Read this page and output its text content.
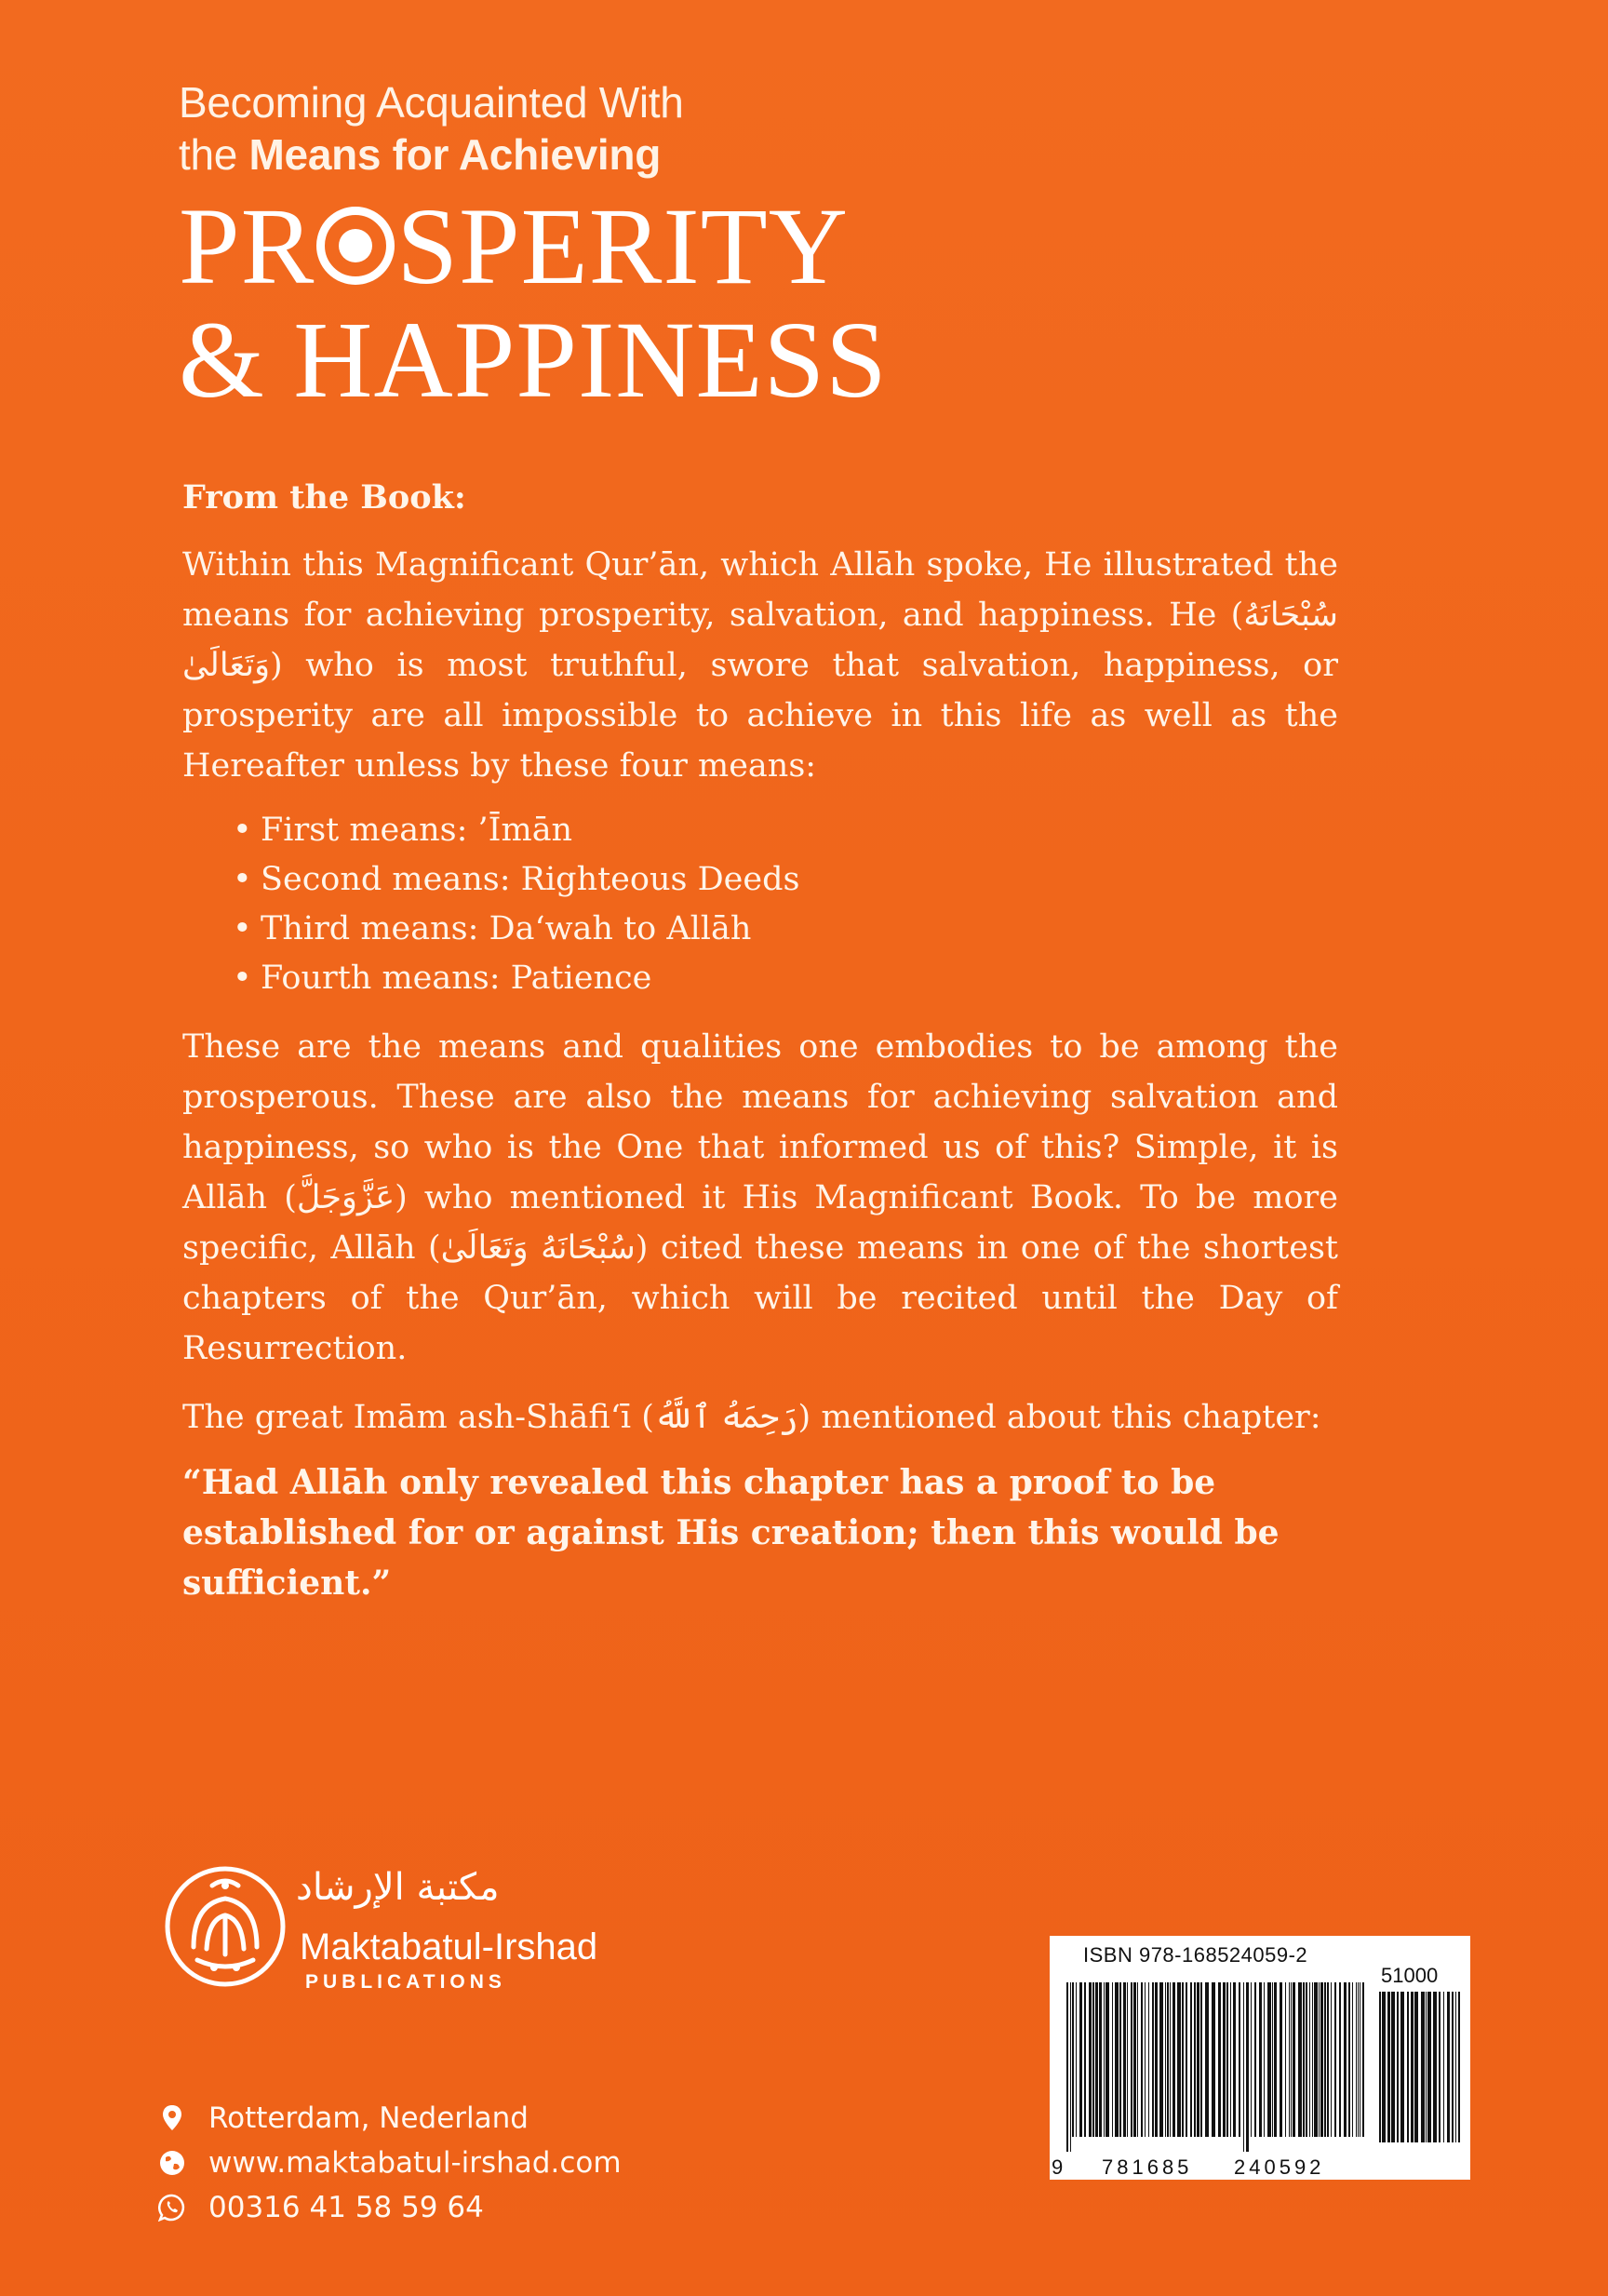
Becoming Acquainted With
the Means for Achieving
PR SPERITY
& HAPPINESS
From the Book:

Within this Magnificant Qur’ān, which Allāh spoke, He illustrated the means for achieving prosperity, salvation, and happiness. He (سُبْحَانَهُ وَتَعَالَىٰ) who is most truthful, swore that salvation, happiness, or prosperity are all impossible to achieve in this life as well as the Hereafter unless by these four means:

• First means: ’Īmān
• Second means: Righteous Deeds
• Third means: Da‘wah to Allāh
• Fourth means: Patience

These are the means and qualities one embodies to be among the prosperous. These are also the means for achieving salvation and happiness, so who is the One that informed us of this? Simple, it is Allāh (عَزَّوَجَلَّ) who mentioned it His Magnificant Book. To be more specific, Allāh (سُبْحَانَهُ وَتَعَالَىٰ) cited these means in one of the shortest chapters of the Qur’ān, which will be recited until the Day of Resurrection.

The great Imām ash-Shāfi‘ī (رَحِمَهُ ٱللَّهُ) mentioned about this chapter:

“Had Allāh only revealed this chapter has a proof to be established for or against His creation; then this would be sufficient.”

مكتبة الإرشاد
Maktabatul-Irshad
PUBLICATIONS
Rotterdam, Nederland
www.maktabatul-irshad.com
00316 41 58 59 64
ISBN 978-168524059-2
51000
9 781685 240592
